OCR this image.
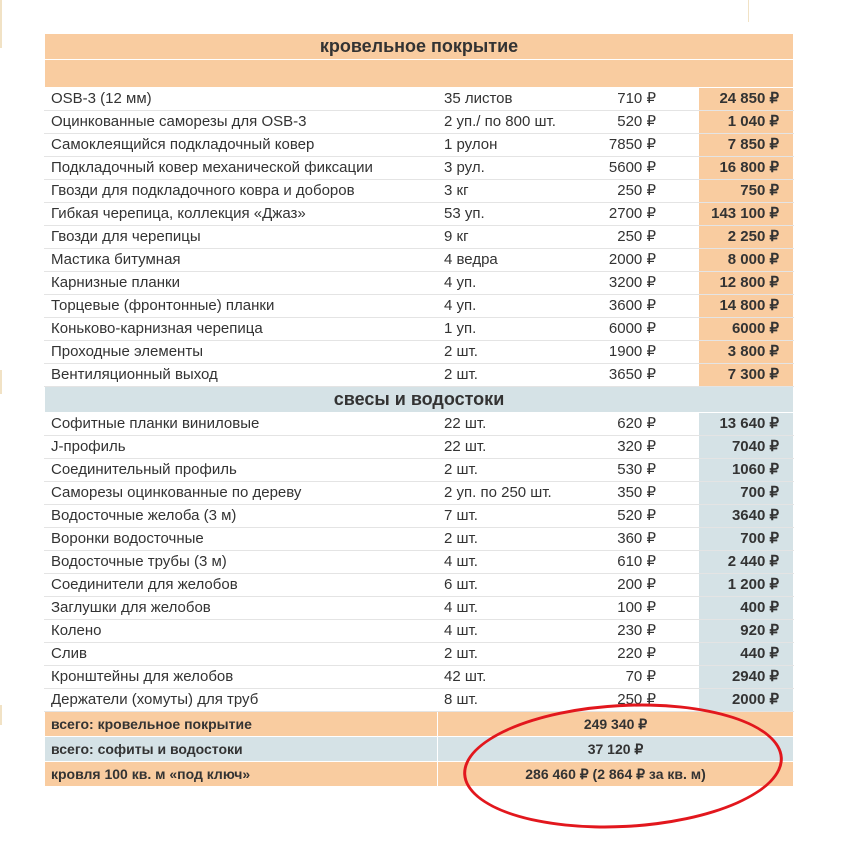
кровельное покрытие			

OSB-3 (12 мм)	35 листов	710 ₽	24 850 ₽
Оцинкованные саморезы для OSB-3	2 уп./ по 800 шт.	520 ₽	1 040 ₽
Самоклеящийся подкладочный ковер	1 рулон	7850 ₽	7 850 ₽
Подкладочный ковер механической фиксации	3 рул.	5600 ₽	16 800 ₽
Гвозди для подкладочного ковра и доборов	3 кг	250 ₽	750 ₽
Гибкая черепица, коллекция «Джаз»	53 уп.	2700 ₽	143 100 ₽
Гвозди для черепицы	9 кг	250 ₽	2 250 ₽
Мастика битумная	4 ведра	2000 ₽	8 000 ₽
Карнизные планки	4 уп.	3200 ₽	12 800 ₽
Торцевые (фронтонные) планки	4 уп.	3600 ₽	14 800 ₽
Коньково-карнизная черепица	1 уп.	6000 ₽	6000 ₽
Проходные элементы	2 шт.	1900 ₽	3 800 ₽
Вентиляционный выход	2 шт.	3650 ₽	7 300 ₽
свесы и водостоки			
Софитные планки виниловые	22 шт.	620 ₽	13 640 ₽
J-профиль	22 шт.	320 ₽	7040 ₽
Соединительный профиль	2 шт.	530 ₽	1060 ₽
Саморезы оцинкованные по дереву	2 уп. по 250 шт.	350 ₽	700 ₽
Водосточные желоба (3 м)	7 шт.	520 ₽	3640 ₽
Воронки водосточные	2 шт.	360 ₽	700 ₽
Водосточные трубы (3 м)	4 шт.	610 ₽	2 440 ₽
Соединители для желобов	6 шт.	200 ₽	1 200 ₽
Заглушки для желобов	4 шт.	100 ₽	400 ₽
Колено	4 шт.	230 ₽	920 ₽
Слив	2 шт.	220 ₽	440 ₽
Кронштейны для желобов	42 шт.	70 ₽	2940 ₽
Держатели (хомуты) для труб	8 шт.	250 ₽	2000 ₽
всего: кровельное покрытие	249 340 ₽		
всего: софиты и водостоки	37 120 ₽		
кровля 100 кв. м «под ключ»	286 460 ₽ (2 864 ₽ за кв. м)		
